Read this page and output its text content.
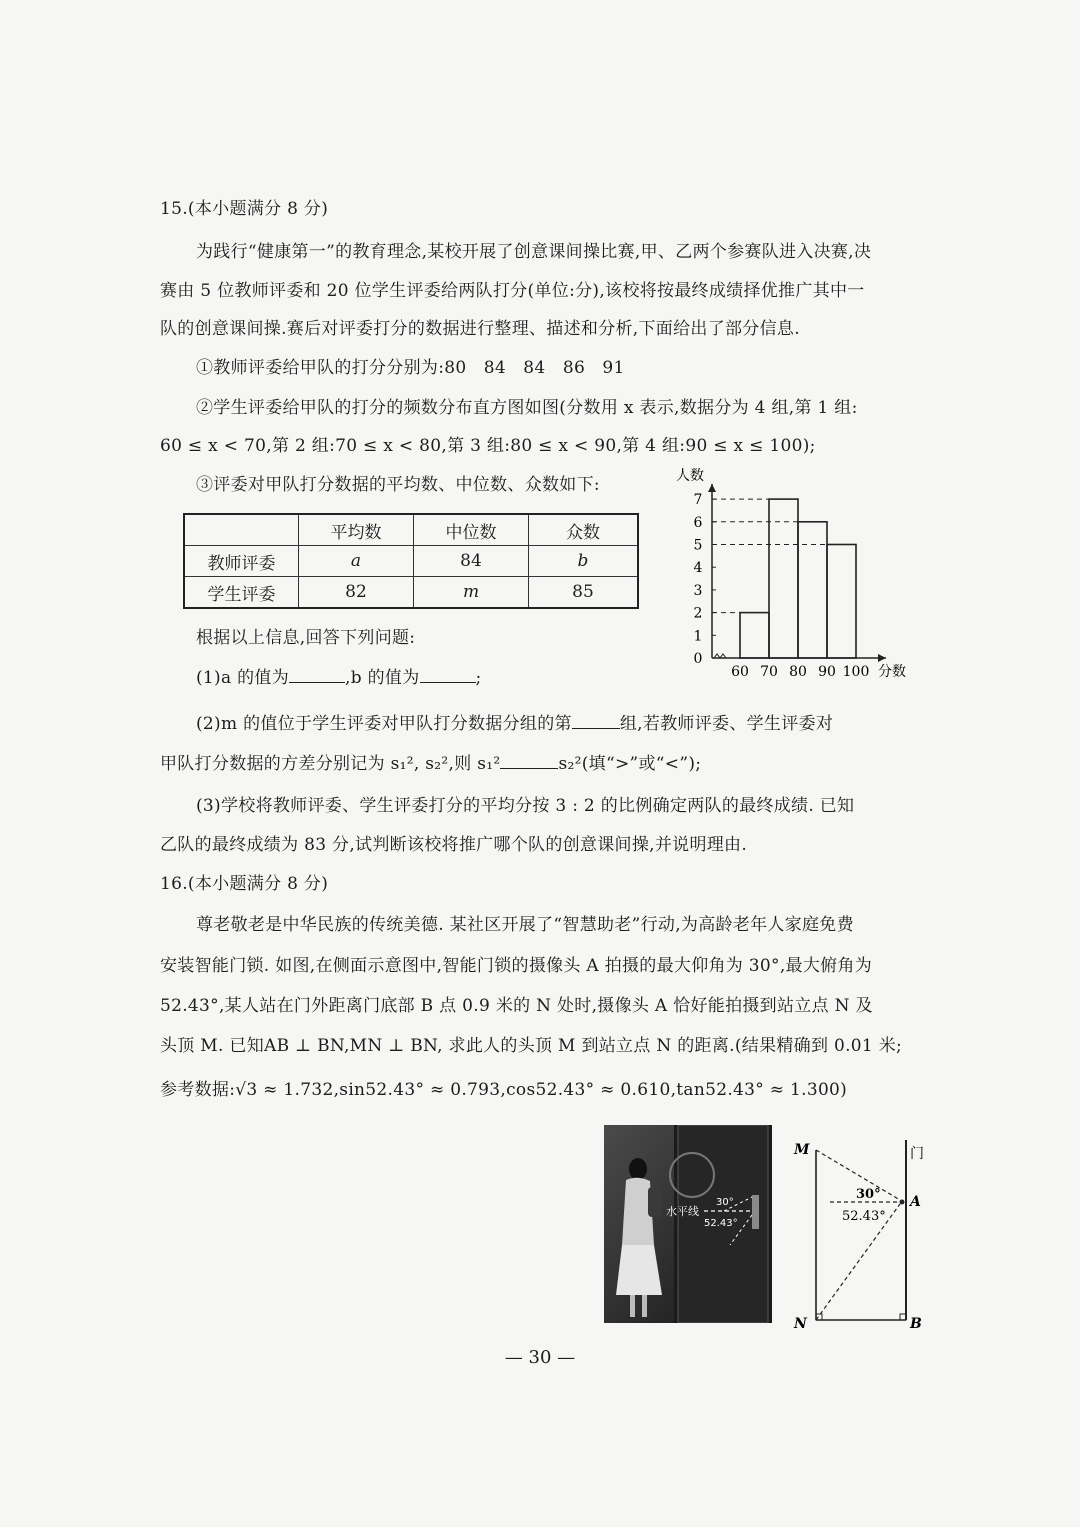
15.(本小题满分 8 分)
为践行“健康第一”的教育理念,某校开展了创意课间操比赛,甲、乙两个参赛队进入决赛,决
赛由 5 位教师评委和 20 位学生评委给两队打分(单位:分),该校将按最终成绩择优推广其中一
队的创意课间操.赛后对评委打分的数据进行整理、描述和分析,下面给出了部分信息.
①教师评委给甲队的打分分别为:80　84　84　86　91
②学生评委给甲队的打分的频数分布直方图如图(分数用 x 表示,数据分为 4 组,第 1 组:
60 ≤ x < 70,第 2 组:70 ≤ x < 80,第 3 组:80 ≤ x < 90,第 4 组:90 ≤ x ≤ 100);
③评委对甲队打分数据的平均数、中位数、众数如下:
	平均数	中位数	众数
教师评委	a	84	b
学生评委	82	m	85
0
1
2
3
4
5
6
7
60 70 80 90 100
人数
分数
根据以上信息,回答下列问题:
(1)a 的值为	,b 的值为	;
(2)m 的值位于学生评委对甲队打分数据分组的第	组,若教师评委、学生评委对
甲队打分数据的方差分别记为 s₁², s₂²,则 s₁²	s₂²(填“>”或“<”);
(3)学校将教师评委、学生评委打分的平均分按 3 : 2 的比例确定两队的最终成绩. 已知
乙队的最终成绩为 83 分,试判断该校将推广哪个队的创意课间操,并说明理由.
16.(本小题满分 8 分)
尊老敬老是中华民族的传统美德. 某社区开展了“智慧助老”行动,为高龄老年人家庭免费
安装智能门锁. 如图,在侧面示意图中,智能门锁的摄像头 A 拍摄的最大仰角为 30°,最大俯角为
52.43°,某人站在门外距离门底部 B 点 0.9 米的 N 处时,摄像头 A 恰好能拍摄到站立点 N 及
头顶 M. 已知AB ⊥ BN,MN ⊥ BN, 求此人的头顶 M 到站立点 N 的距离.(结果精确到 0.01 米;
参考数据:√3 ≈ 1.732,sin52.43° ≈ 0.793,cos52.43° ≈ 0.610,tan52.43° ≈ 1.300)
水平线
30°
52.43°
M
N
A
B
门
30°
52.43°
— 30 —
